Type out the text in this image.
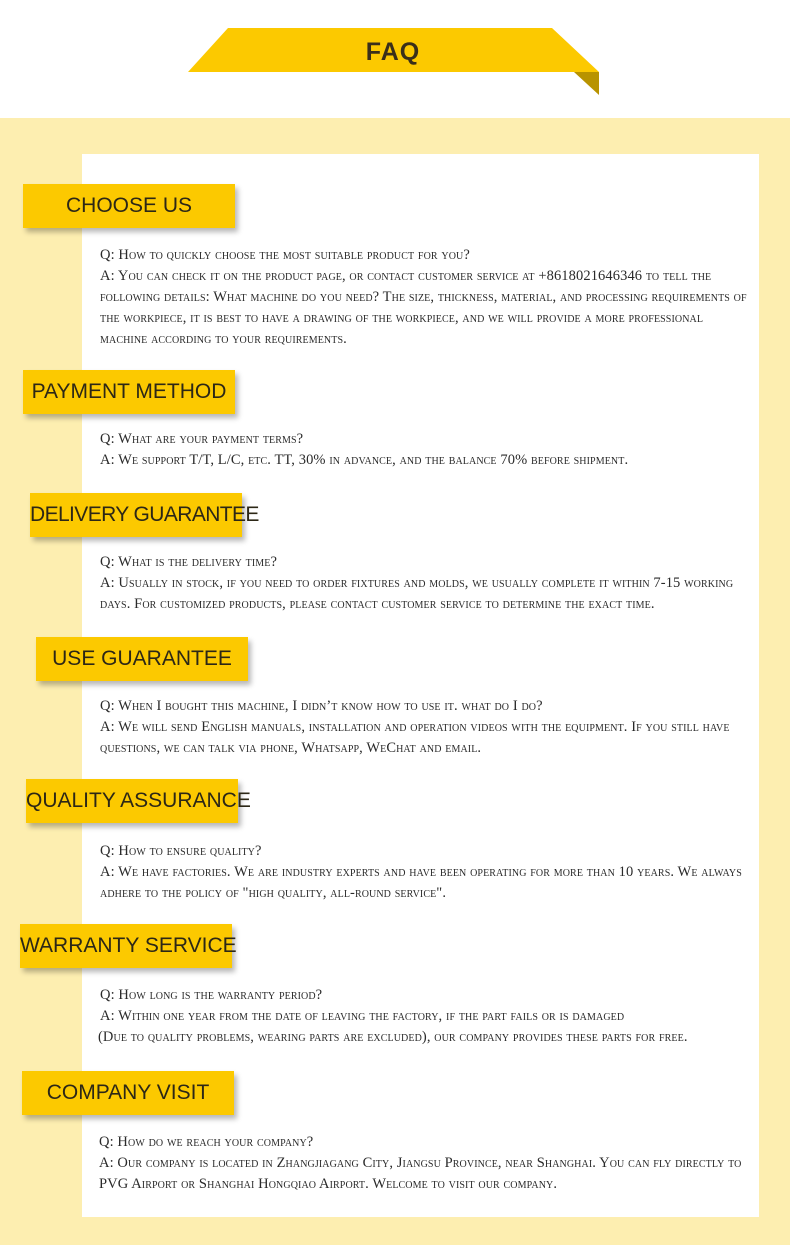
FAQ
CHOOSE US

Q: How to quickly choose the most suitable product for you?

A: You can check it on the product page, or contact customer service at +8618021646346 to tell the following details: What machine do you need? The size, thickness, material, and processing requirements of the workpiece, it is best to have a drawing of the workpiece, and we will provide a more professional machine according to your requirements.

PAYMENT METHOD

Q: What are your payment terms?

A: We support T/T, L/C, etc. TT, 30% in advance, and the balance 70% before shipment.

DELIVERY GUARANTEE

Q: What is the delivery time?

A: Usually in stock, if you need to order fixtures and molds, we usually complete it within 7-15 working days. For customized products, please contact customer service to determine the exact time.

USE GUARANTEE

Q: When I bought this machine, I didn’t know how to use it. what do I do?

A: We will send English manuals, installation and operation videos with the equipment. If you still have questions, we can talk via phone, Whatsapp, WeChat and email.

QUALITY ASSURANCE

Q: How to ensure quality?

A: We have factories. We are industry experts and have been operating for more than 10 years. We always adhere to the policy of "high quality, all-round service".

WARRANTY SERVICE

Q: How long is the warranty period?

A: Within one year from the date of leaving the factory, if the part fails or is damaged

(Due to quality problems, wearing parts are excluded), our company provides these parts for free.

COMPANY VISIT

Q: How do we reach your company?

A: Our company is located in Zhangjiagang City, Jiangsu Province, near Shanghai. You can fly directly to PVG Airport or Shanghai Hongqiao Airport. Welcome to visit our company.
